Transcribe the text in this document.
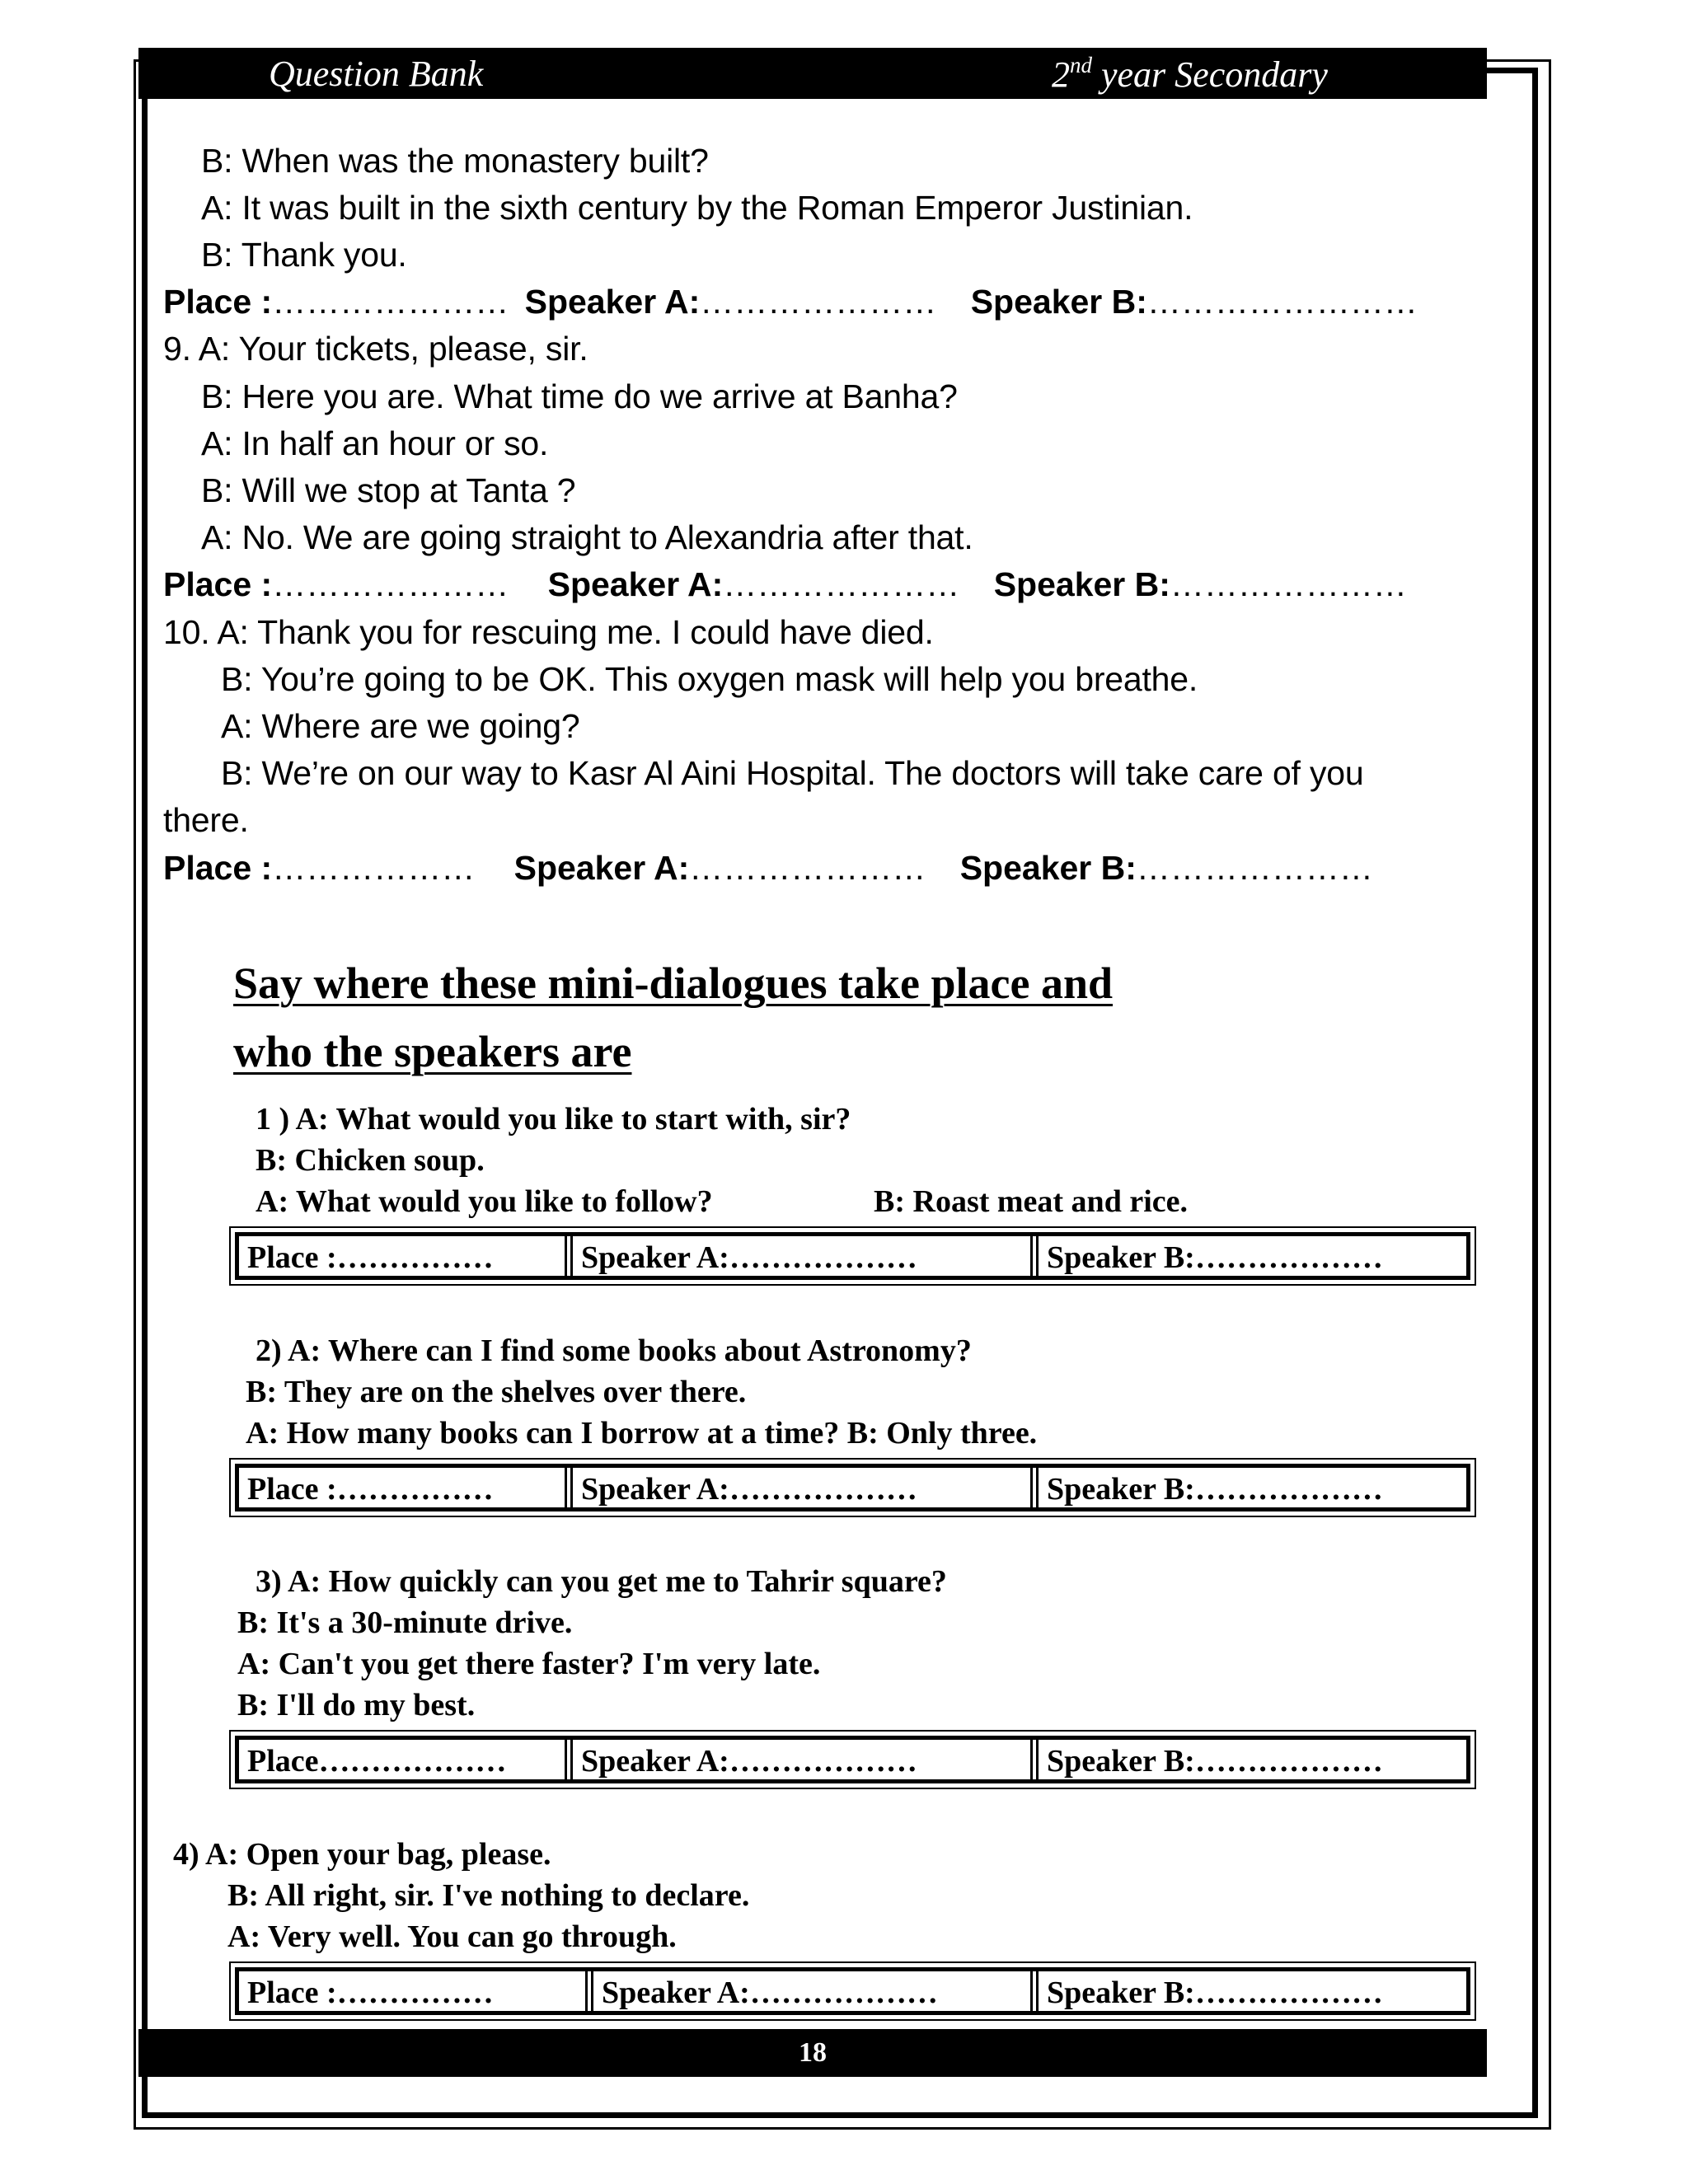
Question Bank	2nd year Secondary
B: When was the monastery built?
A: It was built in the sixth century by the Roman Emperor Justinian.
B: Thank you.
Place :………………… Speaker A:………………… Speaker B:……………………
9. A: Your tickets, please, sir.
B: Here you are. What time do we arrive at Banha?
A: In half an hour or so.
B: Will we stop at Tanta ?
A: No. We are going straight to Alexandria after that.
Place :………………… Speaker A:………………… Speaker B:…………………
10. A: Thank you for rescuing me. I could have died.
B: You’re going to be OK. This oxygen mask will help you breathe.
A: Where are we going?
B: We’re on our way to Kasr Al Aini Hospital. The doctors will take care of you
there.
Place :……………… Speaker A:………………… Speaker B:…………………
Say where these mini-dialogues take place and
who the speakers are
1 ) A: What would you like to start with, sir?
B: Chicken soup.
A: What would you like to follow?	B: Roast meat and rice.
Place :……………	Speaker A:………………	Speaker B:………………
2) A: Where can I find some books about Astronomy?
B: They are on the shelves over there.
A: How many books can I borrow at a time? B: Only three.
Place :……………	Speaker A:………………	Speaker B:………………
3) A: How quickly can you get me to Tahrir square?
B: It's a 30-minute drive.
A: Can't you get there faster? I'm very late.
B: I'll do my best.
Place………………	Speaker A:………………	Speaker B:………………
4) A: Open your bag, please.
B: All right, sir. I've nothing to declare.
A: Very well. You can go through.
Place :……………	Speaker A:………………	Speaker B:………………
18
